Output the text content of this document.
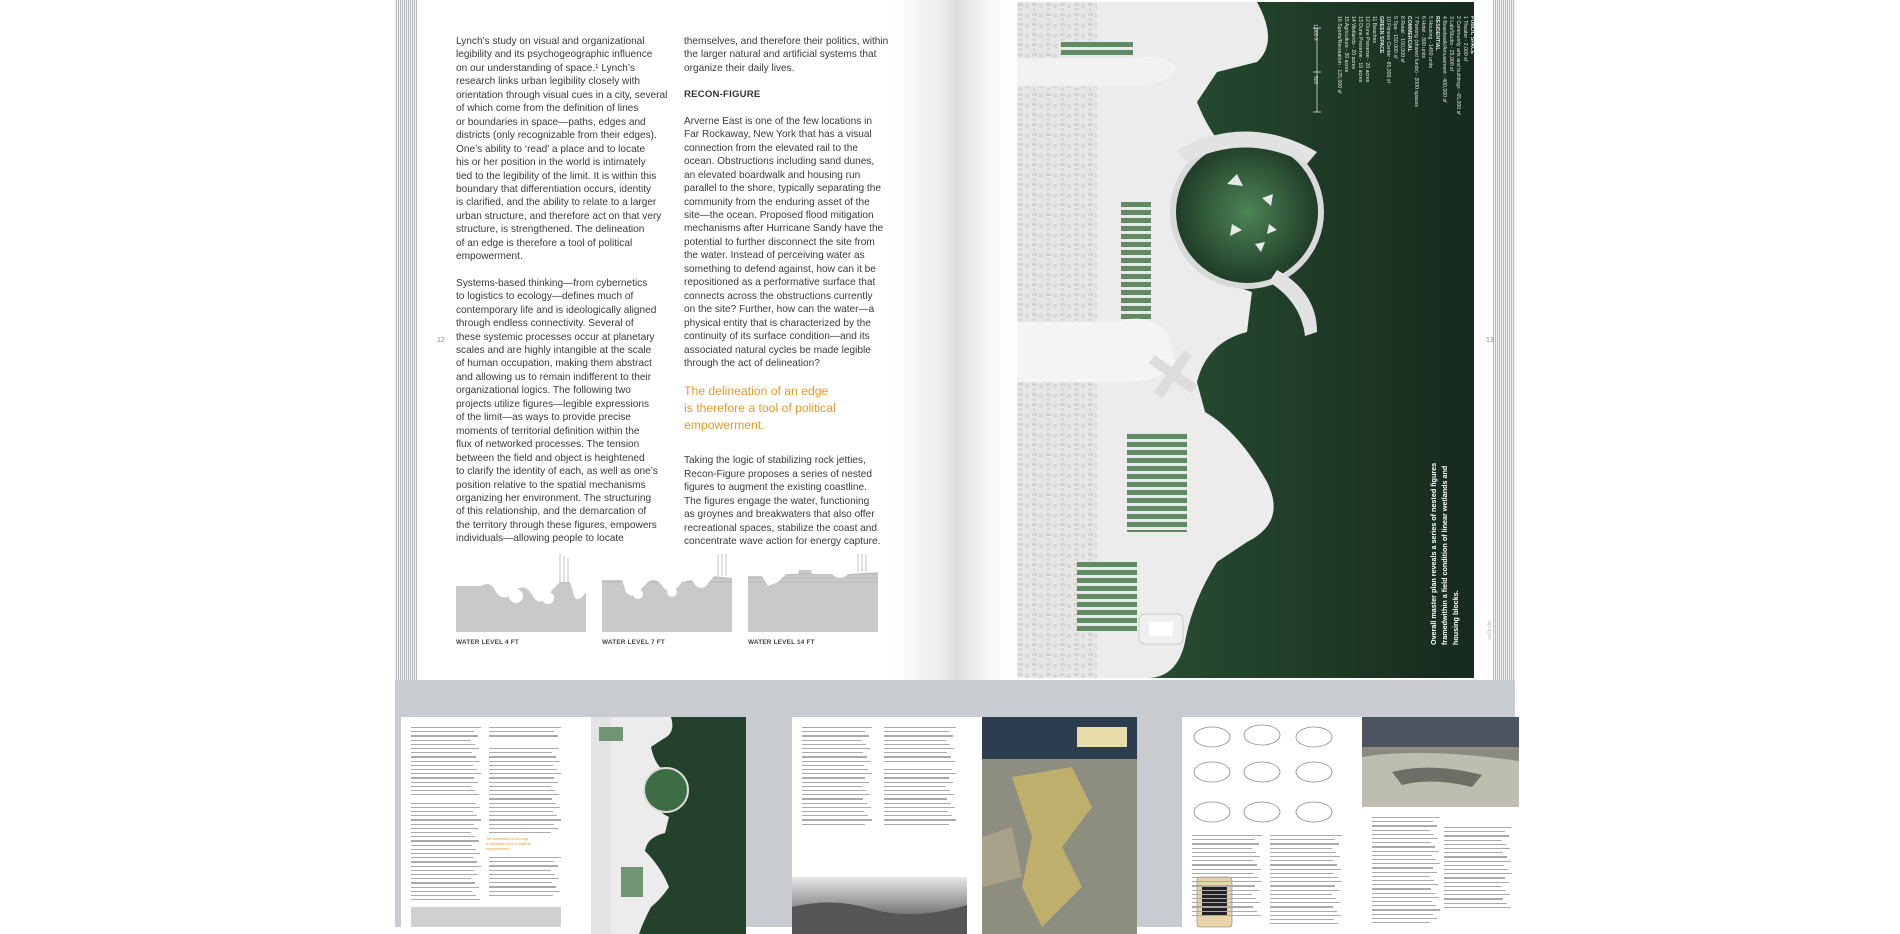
12	13

Lynch’s study on visual and organizational
legibility and its psychogeographic influence
on our understanding of space.¹ Lynch’s
research links urban legibility closely with
orientation through visual cues in a city, several
of which come from the definition of lines
or boundaries in space—paths, edges and
districts (only recognizable from their edges).
One’s ability to ‘read’ a place and to locate
his or her position in the world is intimately
tied to the legibility of the limit. It is within this
boundary that differentiation occurs, identity
is clarified, and the ability to relate to a larger
urban structure, and therefore act on that very
structure, is strengthened. The delineation
of an edge is therefore a tool of political
empowerment.

Systems-based thinking—from cybernetics
to logistics to ecology—defines much of
contemporary life and is ideologically aligned
through endless connectivity. Several of
these systemic processes occur at planetary
scales and are highly intangible at the scale
of human occupation, making them abstract
and allowing us to remain indifferent to their
organizational logics. The following two
projects utilize figures—legible expressions
of the limit—as ways to provide precise
moments of territorial definition within the
flux of networked processes. The tension
between the field and object is heightened
to clarify the identity of each, as well as one’s
position relative to the spatial mechanisms
organizing her environment. The structuring
of this relationship, and the demarcation of
the territory through these figures, empowers
individuals—allowing people to locate

themselves, and therefore their politics, within
the larger natural and artificial systems that
organize their daily lives.

RECON-FIGURE

Arverne East is one of the few locations in
Far Rockaway, New York that has a visual
connection from the elevated rail to the
ocean. Obstructions including sand dunes,
an elevated boardwalk and housing run
parallel to the shore, typically separating the
community from the enduring asset of the
site—the ocean. Proposed flood mitigation
mechanisms after Hurricane Sandy have the
potential to further disconnect the site from
the water. Instead of perceiving water as
something to defend against, how can it be
repositioned as a performative surface that
connects across the obstructions currently
on the site? Further, how can the water—a
physical entity that is characterized by the
continuity of its surface condition—and its
associated natural cycles be made legible
through the act of delineation?

The delineation of an edge
is therefore a tool of political
empowerment.

Taking the logic of stabilizing rock jetties,
Recon-Figure proposes a series of nested
figures to augment the existing coastline.
The figures engage the water, functioning
as groynes and breakwaters that also offer
recreational spaces, stabilize the coast and
concentrate wave action for energy capture.

WATER LEVEL 4 FT	WATER LEVEL 7 FT	WATER LEVEL 14 FT
1,000 ft
500
PUBLIC SPACE
1 Theater - 2,000 sf
2 Community arts and buildings - 65,000 sf
3 Lab/Studio - 25,000 sf
4 Boardwalk/Amusement - 400,000 sf
RESIDENTIAL
5 Housing - 1450 units
6 Hotel - 300 units
7 Parking (shared funds) - 2000 spaces
COMMERCIAL
8 Retail - 150,000 sf
9 Spa - 150,000 sf
10 Fitness Center - 85,000 sf
GREEN SPACE
11 Beaches
12 Dune Preserve - 20 acres
13 Dune Preserve - 10 acres
14 Wetlands - 20 acres
15 Agriculture - 30 acres
16 Sports/Recreation - 125,000 sf
Overall master plan reveals a series of nested figures framedwithin a field condition of linear wetlands and housing blocks.	aaStudio
The delineation of an edge
is therefore a tool of political
empowerment.
